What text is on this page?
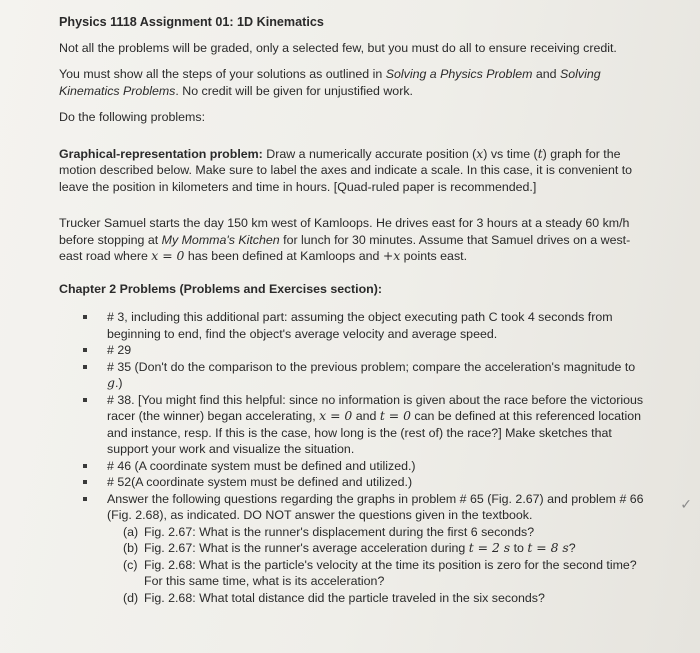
Physics 1118 Assignment 01: 1D Kinematics

Not all the problems will be graded, only a selected few, but you must do all to ensure receiving credit.

You must show all the steps of your solutions as outlined in Solving a Physics Problem and Solving Kinematics Problems. No credit will be given for unjustified work.

Do the following problems:

Graphical-representation problem: Draw a numerically accurate position (x) vs time (t) graph for the motion described below. Make sure to label the axes and indicate a scale. In this case, it is convenient to leave the position in kilometers and time in hours. [Quad-ruled paper is recommended.]

Trucker Samuel starts the day 150 km west of Kamloops. He drives east for 3 hours at a steady 60 km/h before stopping at My Momma's Kitchen for lunch for 30 minutes. Assume that Samuel drives on a west-east road where x = 0 has been defined at Kamloops and +x points east.

Chapter 2 Problems (Problems and Exercises section):
# 3, including this additional part: assuming the object executing path C took 4 seconds from beginning to end, find the object's average velocity and average speed.
# 29
# 35 (Don't do the comparison to the previous problem; compare the acceleration's magnitude to g.)
# 38. [You might find this helpful: since no information is given about the race before the victorious racer (the winner) began accelerating, x = 0 and t = 0 can be defined at this referenced location and instance, resp. If this is the case, how long is the (rest of) the race?] Make sketches that support your work and visualize the situation.
# 46 (A coordinate system must be defined and utilized.)
# 52(A coordinate system must be defined and utilized.)
Answer the following questions regarding the graphs in problem # 65 (Fig. 2.67) and problem # 66 (Fig. 2.68), as indicated. DO NOT answer the questions given in the textbook.
(a) Fig. 2.67: What is the runner's displacement during the first 6 seconds?
(b) Fig. 2.67: What is the runner's average acceleration during t = 2 s to t = 8 s?
(c) Fig. 2.68: What is the particle's velocity at the time its position is zero for the second time? For this same time, what is its acceleration?
(d) Fig. 2.68: What total distance did the particle traveled in the six seconds?
✓
